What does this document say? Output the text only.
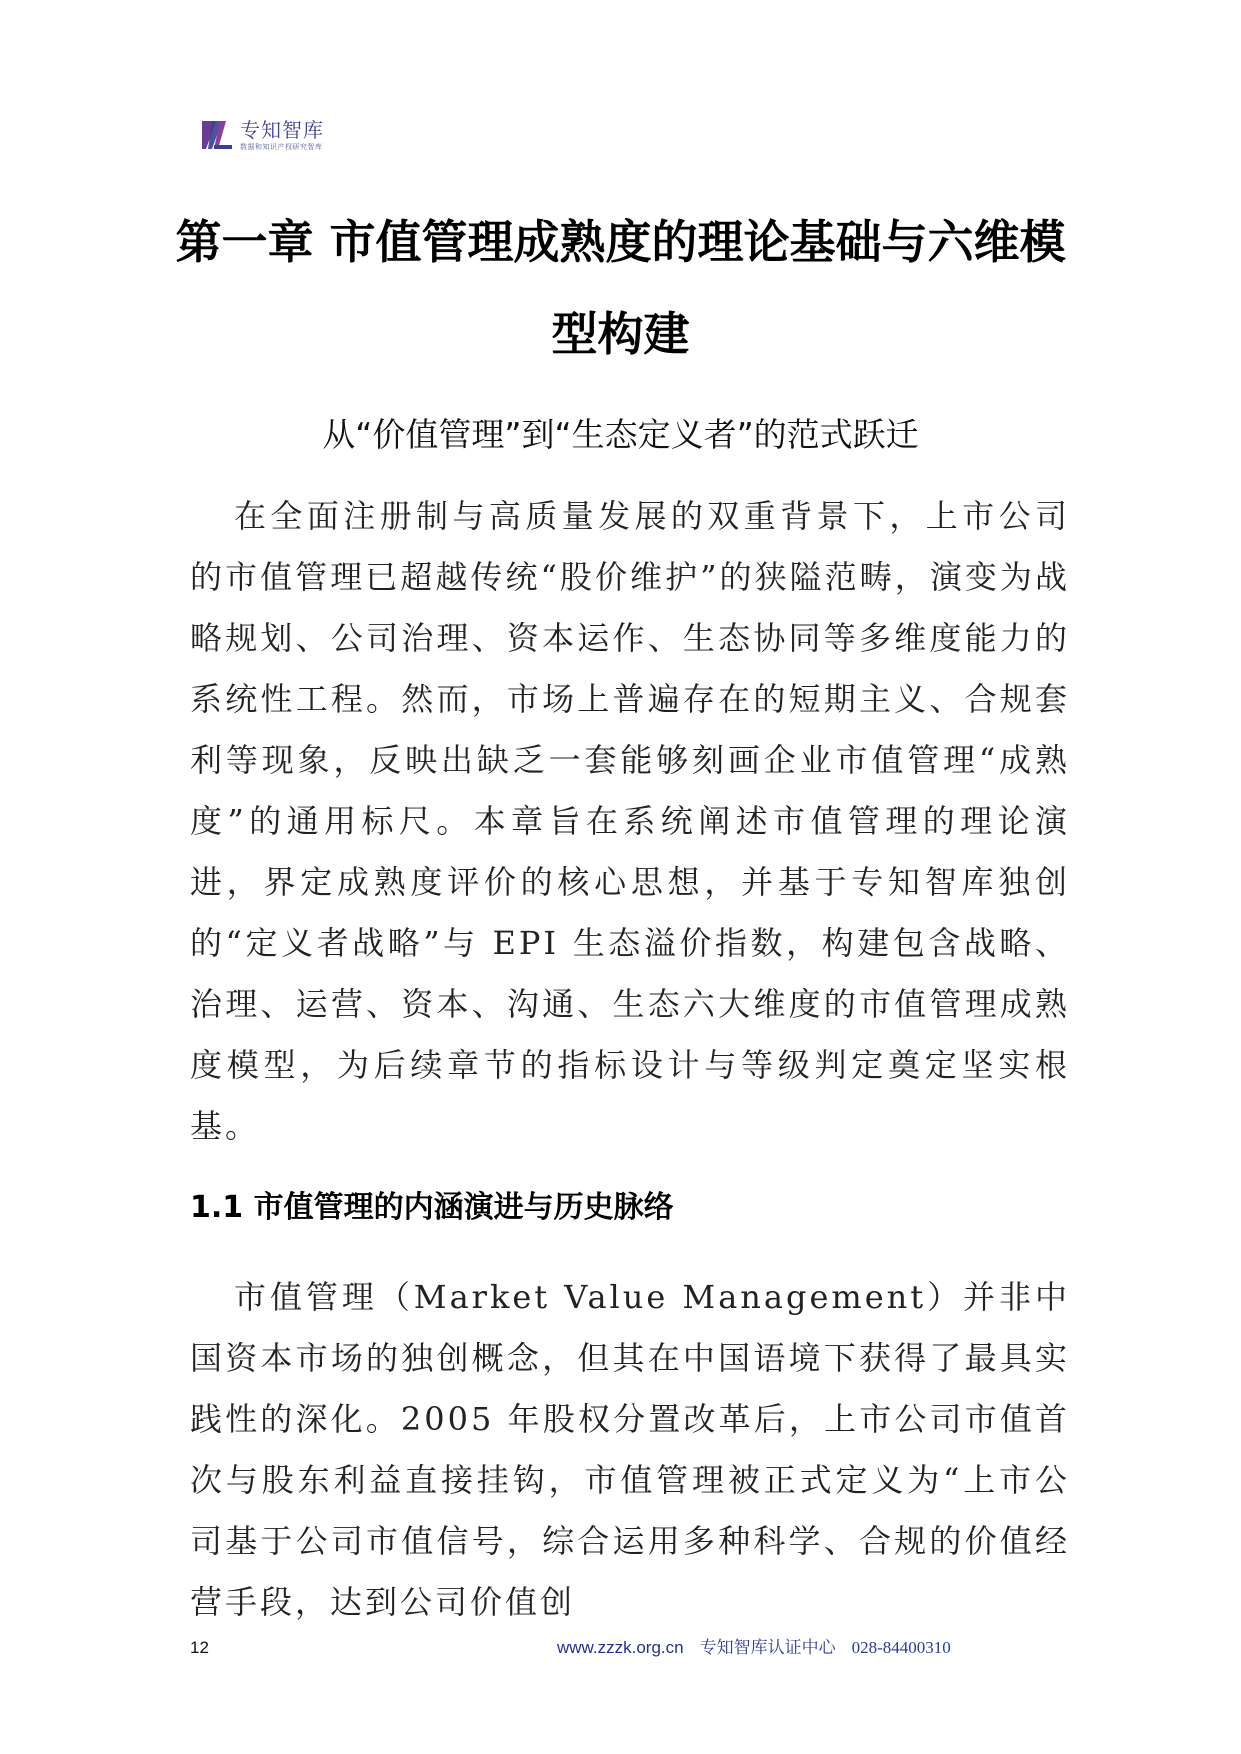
专知智库
数据和知识产权研究智库
第一章 市值管理成熟度的理论基础与六维模型构建
从“价值管理”到“生态定义者”的范式跃迁

在全面注册制与高质量发展的双重背景下，上市公司的市值管理已超越传统“股价维护”的狭隘范畴，演变为战略规划、公司治理、资本运作、生态协同等多维度能力的系统性工程。然而，市场上普遍存在的短期主义、合规套利等现象，反映出缺乏一套能够刻画企业市值管理“成熟度”的通用标尺。本章旨在系统阐述市值管理的理论演进，界定成熟度评价的核心思想，并基于专知智库独创的“定义者战略”与 EPI 生态溢价指数，构建包含战略、治理、运营、资本、沟通、生态六大维度的市值管理成熟度模型，为后续章节的指标设计与等级判定奠定坚实根基。

1.1 市值管理的内涵演进与历史脉络

市值管理（Market Value Management）并非中国资本市场的独创概念，但其在中国语境下获得了最具实践性的深化。2005 年股权分置改革后，上市公司市值首次与股东利益直接挂钩，市值管理被正式定义为“上市公司基于公司市值信号，综合运用多种科学、合规的价值经营手段，达到公司价值创

12	www.zzzk.org.cn 专知智库认证中心 028-84400310
